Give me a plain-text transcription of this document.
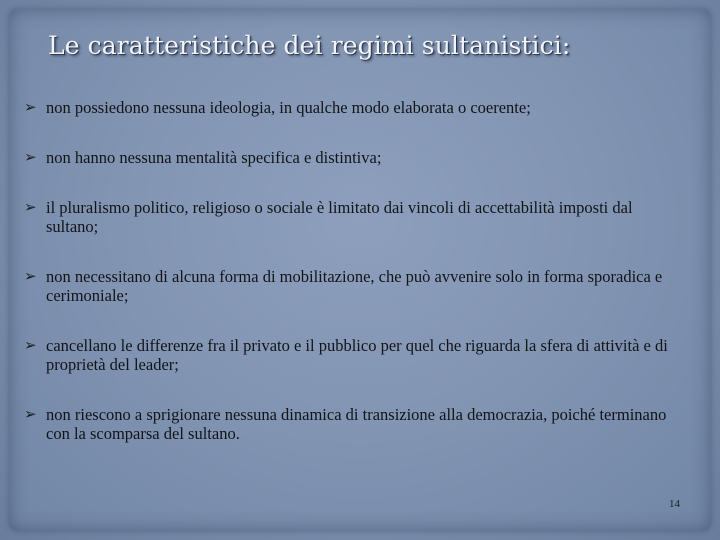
Le caratteristiche dei regimi sultanistici:
➢ non possiedono nessuna ideologia, in qualche modo elaborata o coerente;
➢ non hanno nessuna mentalità specifica e distintiva;
➢ il pluralismo politico, religioso o sociale è limitato dai vincoli di accettabilità imposti dal sultano;
➢ non necessitano di alcuna forma di mobilitazione, che può avvenire solo in forma sporadica e cerimoniale;
➢ cancellano le differenze fra il privato e il pubblico per quel che riguarda la sfera di attività e di proprietà del leader;
➢ non riescono a sprigionare nessuna dinamica di transizione alla democrazia, poiché terminano con la scomparsa del sultano.
14
